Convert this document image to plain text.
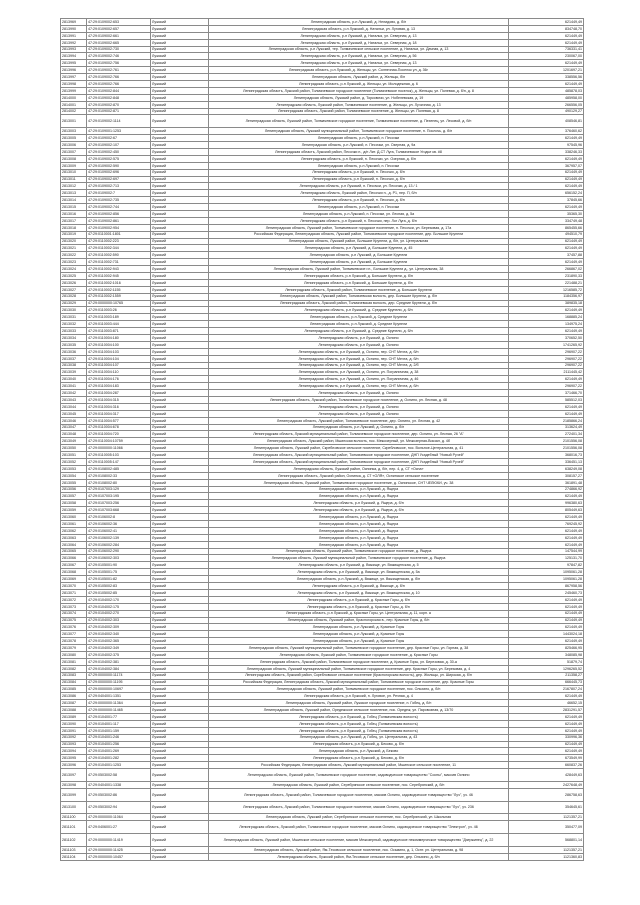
2813969	47:29:0109002:653	Лужский	Ленинградская область, р-н Лужский, д. Нелидово, д. б/н	621449,49
2813990	47:29:0109002:657	Лужский	Ленинградская область, р-н Лужский, д. Натальи, ул. Луговая, д. 13	834748,70
2813991	47:29:0109002:661	Лужский	Ленинградская область, р-н Лужский, д. Наталья, ул. Северная, д. 13	621449,49
2813992	47:29:0109002:665	Лужский	Ленинградская область, р-н Лужский, д. Натальи, ул. Северная, д. 18	621449,49
2813993	47:29:0109002:730	Лужский	Ленинградская область, р-н Лужский, тер. Толмачевское сельское поселение, д. Натальи, ул. Дачная, д. 13	736331,41
2813994	47:29:0109002:746	Лужский	Ленинградская область, р-н Лужский, д. Натальи, ул. Северная, д. 56	230067,00
2813995	47:29:0109002:756	Лужский	Ленинградская область, р-н Лужский, д. Натальи, ул. Северная, д. 13	621449,49
2813996	47:29:0109002:761	Лужский	Ленинградская область, р-н Лужский, д. Жельцы, ул. Солнечная-Поселок ул, д. 36г	1201697,21
2813997	47:29:0109002:766	Лужский	Ленинградская область, Лужский район, д. Жельцы, б/н	338556,56
2813998	47:29:0109002:766	Лужский	Ленинградская область, р-н Лужский, д. Жельцы, ул. Молодежная, д. 6	621449,49
2813999	47:29:0109002:844	Лужский	Ленинградская область, Лужский район, Толмачевское городское поселение (Толмачевское поселок), д. Жельцы, ул. Полевая, д. б/н, д. 8	485878,03
2814000	47:29:0109002:848	Лужский	Ленинградская область, Лужский район, д. Торковичи, ул. Нобелевская, д. 19	485958,00
2814001	47:29:0109002:870	Лужский	Ленинградская область, Лужский район, Толмачевское поселение, д. Жельцы, ул. Лучичная, д. 13	266556,05
2814002	47:29:0109002:871	Лужский	Ленинградская область, Лужский район, Толмачевское поселение, д. Жельцы, ул. Полевая, д. 8	490129,27
2813001	47:29:0109002:1114	Лужский	Ленинградская область, Лужский район, Толмачевское городское поселение, Толмачевское поселение, д. Пехенец, ул. Лесовой, д. б/н	408546,81
2813003	47:29:0109001:1253	Лужский	Ленинградская область, Лужский муниципальный район, Толмачевское городское поселение, п. Послочь, д. б/н	376460,62
2813005	47:29:0109002:67	Лужский	Ленинградская область, р-н Лужский, п. Песочки	621449,49
2813006	47:29:0109002:107	Лужский	Ленинградская область, р-н Лужский, п. Песочки, ул. Озерная, д. 9а	97545,96
2813007	47:29:0109002:450	Лужский	Ленинградская область, Лужский район, Песочки п., д/п Лит. Д-СТ Луга, Толмачевское Угодье кв. #8	338246,33
2813008	47:29:0109002:575	Лужский	Ленинградская область, р-н Лужский, п. Песочки, ул. Озерная, д. б/н	621449,49
2813009	47:29:0109002:590	Лужский	Ленинградская область, р-н Лужский, п. Песочки	367957,07
2813010	47:29:0109002:696	Лужский	Ленинградская область, р-н Лужский, п. Песочки, д. б/н	621449,49
2813011	47:29:0109002:697	Лужский	Ленинградская область, р-н Лужский, п. Песочки, д. б/н	621449,49
2813012	47:29:0109002:713	Лужский	Ленинградская область, р-н Лужский, п. Песочки, ул. Песочки, д. 13 / 1	621449,49
2813013	47:29:0109002:7	Лужский	Ленинградская область, Лужский район, Песочки п., д. Р1, пер. П, б/н	656152,24
2813014	47:29:0109002:735	Лужский	Ленинградская область, р-н Лужский, п. Песочки, д. б/н	37845,66
2813015	47:29:0109002:744	Лужский	Ленинградская область, р-н Лужский, п. Песочки	621449,49
2813016	47:29:0109002:856	Лужский	Ленинградская область, р-н Лужский, п. Песочки, ул. Лесная, д. 5а	35365,30
2813017	47:29:0109002:861	Лужский	Ленинградская область, р-н Лужский, п. Песочки, пер. Лог Луга, д. б/н	334749,48
2813018	47:29:0109002:954	Лужский	Ленинградская область, Лужский район, Толмачевское городское поселение, п. Песочки, ул. Березовая, д. 17а	865455,66
2813019	47:29:0110001:1801	Лужский	Российская Федерация, Ленинградская область, Лужский район, Толмачевское городское поселение, дер. Большие Крупели	494510,79
2813020	47:29:0110002:223	Лужский	Ленинградская область, Лужский район, Большие Крупели, д. б/н, ул. Центральная	621449,49
2813021	47:29:0110002:344	Лужский	Ленинградская область, р-н Лужский, д. Большие Крупели, д. 45	621449,49
2813022	47:29:0110002:590	Лужский	Ленинградская область, р-н Лужский, д. Большие Крупели	37457,88
2813023	47:29:0110002:731	Лужский	Ленинградская область, р-н Лужский, д. Большие Крупели	621449,49
2813024	47:29:0110002:943	Лужский	Ленинградская область, Лужский район, Толмачевское г.п., Большие Крупели д., ул. Центральная, 38	266867,02
2813025	47:29:0110002:945	Лужский	Ленинградская область, р-н Лужский, д. Большие Крупели, д. б/н	231890,33
2813026	47:29:0110002:1016	Лужский	Ленинградская область, р-н Лужский, д. Большие Крупели, д. б/н	221488,21
2813027	47:29:0110002:1155	Лужский	Ленинградская область, Лужский район, Толмачевское поселение, д. Большие Крупели	1216585,72
2813028	47:29:0110002:1559	Лужский	Ленинградская область, Лужский район, Толмачевская волость, дер. Большие Крупели, д. б/н	1184356,97
2813029	47:29:0000000:10765	Лужский	Ленинградская область, Лужский район, Толмачевская волость, дер. Средние Крупели, д. б/н	389835,18
2813030	47:29:0110003:26	Лужский	Ленинградская область, р-н Лужский, д. Средние Крупели, д. б/н	621449,49
2813031	47:29:0110003:189	Лужский	Ленинградская область, р-н Лужский, д. Средние Крупели	168885,24
2813032	47:29:0110003:444	Лужский	Ленинградская область, р-н Лужский, д. Средние Крупели	134975,24
2813033	47:29:0110003:871	Лужский	Ленинградская область, р-н Лужский, д. Средние Крупели, д. б/н	621449,49
2813034	47:29:0110004:180	Лужский	Ленинградская область, р-н Лужский, д. Оспино	370652,50
2813035	47:29:0110004:100	Лужский	Ленинградская область, р-н Лужский, д. Оспино	1741265,92
2813036	47:29:0110004:103	Лужский	Ленинградская область, р-н Лужский, д. Оспино, пер. СНТ Мечта, д. б/н	296907,22
2813037	47:29:0110004:104	Лужский	Ленинградская область, р-н Лужский, д. Оспино, пер. СНТ Мечта, д. б/н	296907,22
2813038	47:29:0110004:107	Лужский	Ленинградская область, р-н Лужский, д. Оспино, пер. СНТ Мечта, д. 2/б	296907,22
2813039	47:29:0110004:110	Лужский	Ленинградская область, р-н Лужский, д. Оспино, ул. Пограничная, д. 38	2111445,42
2813040	47:29:0110004:176	Лужский	Ленинградская область, р-н Лужский, д. Оспино, ул. Пограничная, д. 46	621449,49
2813041	47:29:0110004:183	Лужский	Ленинградская область, р-н Лужский, д. Оспино, пер. СНТ Мечта, д. б/н	296907,22
2813042	47:29:0110004:287	Лужский	Ленинградская область, р-н Лужский, д. Оспино	371466,70
2813043	47:29:0110004:315	Лужский	Ленинградская область, Лужский район, Толмачевское городское поселение, д. Оспино, ул. Лесная, д. 48	585512,03
2813044	47:29:0110004:316	Лужский	Ленинградская область, р-н Лужский, д. Оспино	621449,49
2813045	47:29:0110004:317	Лужский	Ленинградская область, р-н Лужский, д. Оспино	621449,49
2813046	47:29:0110004:577	Лужский	Ленинградская область, Лужский район, Толмачевское поселение, дер. Оспино, ул. Лесная, д. 42	2185866,24
2813047	47:29:0110004:678	Лужский	Ленинградская область, р-н Лужский, д. Оспино, д. б/н	313624,49
2813048	47:29:0110004:720	Лужский	Ленинградская область, Лужский муниципальный район, Толмачевское городское поселение, дер. Оспино, ул. Лесная, 26 "А"	272401,34
2813049	47:29:0110004:10759	Лужский	Ленинградская область, Лужский район, Мшинская волость, пос. Межозерный, ул. Межозерная-Вокзал, д. 4б	2101556,08
2813050	47:29:0000000:11066	Лужский	Ленинградская область, Лужский район, Скребловское сельское поселение, Скребловское, пос. Вольное-Центральная, д. 41	2101556,08
2813051	47:29:0110005:103	Лужский	Ленинградская область, Лужский муниципальный район, Толмачевское городское поселение, ДНП Усадебный "Новый Ручей"	368016,73
2813052	47:29:0110005:147	Лужский	Ленинградская область, Лужский муниципальный район, Толмачевское городское поселение, ДНП Усадебный "Новый Ручей"	336451,13
2813053	47:29:0108002:485	Лужский	Ленинградская область, Лужский район, Оспинка, д. б/н, пер. 4, д. СТ «Оспа»	638249,08
2813054	47:29:0108002:33	Лужский	Ленинградская область, Лужский район, Оспинка, д. СТ «ОЛЯ», Оспинское сельское поселение	308157,27
2813055	47:29:0108002:80	Лужский	Ленинградская область, Лужский район, Толмачевское городское поселение, д. Оспинское, СНТ ЧЕЛЮКИ, уч. 38	361891,48
2813056	47:29:0107003:129	Лужский	Ленинградская область, р-н Лужский, д. Ящера	274866,92
2813057	47:29:0107003:195	Лужский	Ленинградская область, р-н Лужский, д. Ящера	621449,49
2813058	47:29:0107003:256	Лужский	Ленинградская область, р-н Лужский, д. Ящера, д. б/н	996380,63
2813059	47:29:0107003:668	Лужский	Ленинградская область, р-н Лужский, д. Ящера, д. б/н	805449,63
2813060	47:29:0106002:8	Лужский	Ленинградская область, р-н Лужский, д. Ящера	621449,49
2813061	47:29:0106002:36	Лужский	Ленинградская область, р-н Лужский, д. Ящера	769245,92
2813062	47:29:0106002:41	Лужский	Ленинградская область, р-н Лужский, д. Ящера	621449,49
2813063	47:29:0106002:139	Лужский	Ленинградская область, р-н Лужский, д. Ящера	621449,49
2813064	47:29:0106002:284	Лужский	Ленинградская область, р-н Лужский, д. Ящера	621449,49
2813065	47:29:0106002:290	Лужский	Ленинградская область, Лужский район, Толмачевское городское поселение, д. Ящера	147544,99
2813066	47:29:0106002:303	Лужский	Ленинградская область, Лужский муниципальный район, Толмачевское городское поселение, д. Ящера	125131,70
2813067	47:29:0105001:90	Лужский	Ленинградская область, р-н Лужский, д. Вяжище, ул. Вяжищенская, д. 5	97847,82
2813068	47:29:0105001:75	Лужский	Ленинградская область, р-н Лужский, д. Вяжище, ул. Вяжищенская, д. 5а	1095061,28
2813069	47:29:0105001:82	Лужский	Ленинградская область, р-н Лужский, д. Вяжище, ул. Вяжищенская, д. б/н	1095061,28
2813070	47:29:0105002:83	Лужский	Ленинградская область, р-н Лужский, д. Вяжище, д. б/н	867958,56
2813071	47:29:0105002:85	Лужский	Ленинградская область, р-н Лужский, д. Вяжище, ул. Вяжищенская, д. 10	245460,73
2813072	47:29:0104002:170	Лужский	Ленинградская область, р-н Лужский, д. Красные Горы, д. б/н	621449,49
2813073	47:29:0104002:175	Лужский	Ленинградская область, р-н Лужский, д. Красные Горы, д. б/н	621449,49
2813074	47:29:0104002:270	Лужский	Ленинградская область, р-н Лужский, д. Красные Горы, ул. Центральная, д. 11, корп. а	621449,49
2813075	47:29:0104002:303	Лужский	Ленинградская область, Лужский район, Красногорская в., пер. Красные Горы, д. б/н	621449,49
2813076	47:29:0104002:309	Лужский	Ленинградская область, р-н Лужский, д. Красные Горы	621449,49
2813077	47:29:0104002:340	Лужский	Ленинградская область, р-н Лужский, д. Красные Горы	1443024,18
2813078	47:29:0104002:365	Лужский	Ленинградская область, р-н Лужский, д. Красные Горы	621449,49
2813079	47:29:0104002:349	Лужский	Ленинградская область, Лужский муниципальный район, Толмачевское городское поселение, дер. Красные Горы, ул. Горная, д. 38	825466,95
2813080	47:29:0104002:375	Лужский	Ленинградская область, Лужский район, Толмачевское городское поселение, д. Красные Горы	348085,98
2813081	47:29:0104002:381	Лужский	Ленинградская область, Лужский район, Толмачевское городское поселение, д. Красные Горы, ул. Березовая, д. 30-а	51879,74
2813082	47:29:0104002:384	Лужский	Ленинградская область, Лужский муниципальный район, Толмачевское городское поселение, дер. Красные Горы, ул. Березовая, д. 4	1296265,52
2813083	47:29:0000000:11174	Лужский	Ленинградская область, Лужский район, Скребловское сельское поселение (Красногорская волость), дер. Жильцы, ул. Широкая, д. б/н	211358,27
2813084	47:29:0000000:11195	Лужский	Российская Федерация, Ленинградская область, Лужский муниципальный район, Толмачевское городское поселение, дер. Красные Горы	666445,73
2813085	47:29:0000000:10697	Лужский	Ленинградская область, Лужский район, Толмачевское городское поселение, пос. Ольхино, д. б/н	2167807,24
2813086	47:29:0404001:1351	Лужский	Ленинградская область, р-н Лужский, п. Луговое, ул. Речная, д. 4	621449,49
2813087	47:29:0000000:11364	Лужский	Ленинградская область, Лужский район, Лужское городское поселение, п. Гобец, д. б/н	46652,15
2813088	47:29:0000000:11465	Лужский	Ленинградская область, Лужский район, Оредежское сельское поселение, пос. Оредеж, ул. Паровозная, д. 13/70	2831291,57
2813089	47:29:0104001:77	Лужский	Ленинградская область, р-н Лужский, д. Гобец (Толмачевская волость)	621449,49
2813090	47:29:0104001:117	Лужский	Ленинградская область, р-н Лужский, д. Гобец (Толмачевская волость)	621449,49
2813091	47:29:0104001:159	Лужский	Ленинградская область, р-н Лужский, д. Гобец (Толмачевская волость)	621449,49
2813092	47:29:0104001:246	Лужский	Ленинградская область, р-н Лужский, д. Гобец, ул. Центральная, д. 43	330996,36
2813093	47:29:0104001:256	Лужский	Ленинградская область, р-н Лужский, д. Беково, д. б/н	621449,49
2813094	47:29:0104001:269	Лужский	Ленинградская область, р-н Лужский, д. Беково	621449,49
2813095	47:29:0104001:282	Лужский	Ленинградская область, р-н Лужский, д. Беково, д. б/н	673549,99
2813096	47:29:0104001:1253	Лужский	Российская Федерация, Ленинградская область, Лужский муниципальный район, Мшинское сельское поселение, 11	660837,26
2813097	47:29:0503002:58	Лужский	Ленинградская область, Лужский район, Толмачевское городское поселение, садоводческое товарищество "Сосны", массив Оспино	428449,63
2813098	47:29:0404001:1338	Лужский	Ленинградская область, Лужский район, Серебрянское сельское поселение, пос. Серебрянский, д. б/н	2427648,49
2813099	47:29:0503002:86	Лужский	Ленинградская область, Лужский район, Толмачевское городское поселение, массив Оспино, садоводческое товарищество "Луч", уч. 46	286758,63
2813100	47:29:0503002:94	Лужский	Ленинградская область, Лужский район, Толмачевское городское поселение, массив Оспино, садоводческое товарищество "Луч", уч. 236	354645,61
2811100	47:29:0000000:11064	Лужский	Ленинградская область, Лужский район, Серебрянское сельское поселение, пос. Серебрянский, ул. Школьная	1121357,21
2811101	47:29:0406001:27	Лужский	Ленинградская область, Лужский район, Толмачевское городское поселение, массив Оспино, садоводческое товарищество "Электрон", уч. 46	350477,09
2811102	47:29:0000000:11419	Лужский	Ленинградская область, Лужский район, Мшинское сельское поселение, массив Межозерный, садоводческое некоммерческое товарищество "Дзержинец", д. 22	568801,14
2811103	47:29:0000000:11425	Лужский	Ленинградская область, Лужский район, Ям-Тесовское сельское поселение, пос. Осьмино, д. 1, Оснт. ул. Центральная, д. 98	1121357,21
2811104	47:29:0000000:10457	Лужский	Ленинградская область, Лужский район, Ям-Тесовское сельское поселение, дер. Ольхино, д. б/н	1121360,83
